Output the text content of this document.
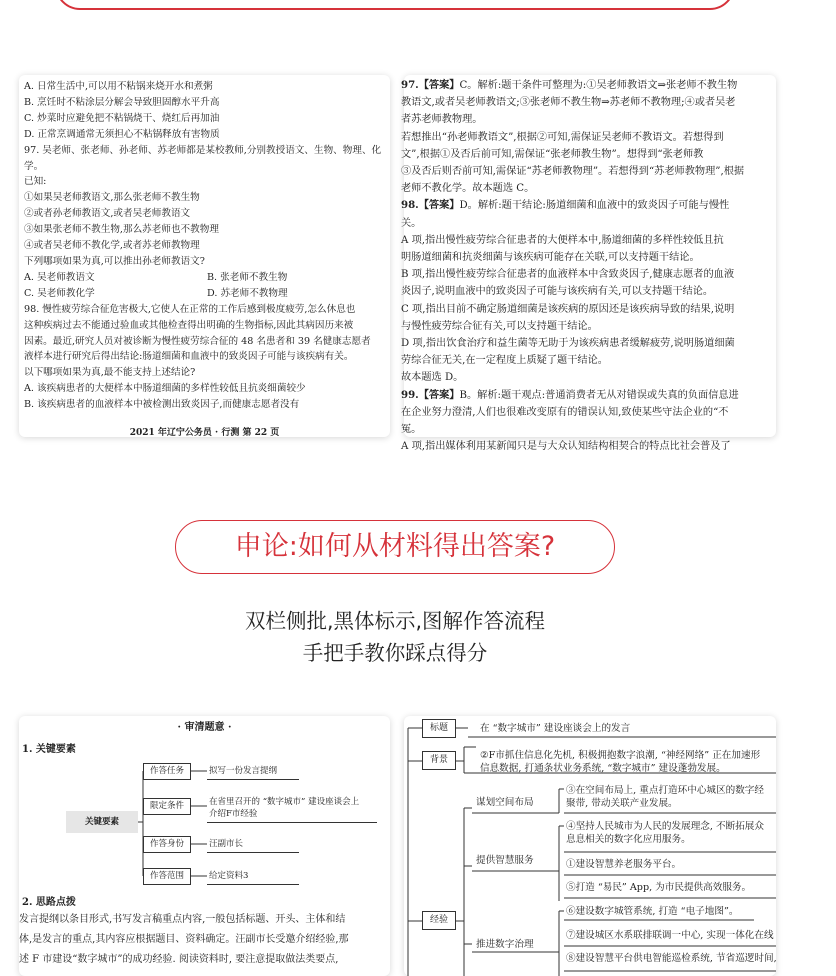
A. 日常生活中,可以用不粘锅来烧开水和煮粥

B. 烹饪时不粘涂层分解会导致胆固醇水平升高

C. 炒菜时应避免把不粘锅烧干、烧红后再加油

D. 正常烹调通常无须担心不粘锅释放有害物质

97. 吴老师、张老师、孙老师、苏老师都是某校教师,分别教授语文、生物、物理、化

学。

已知:

①如果吴老师教语文,那么张老师不教生物

②或者孙老师教语文,或者吴老师教语文

③如果张老师不教生物,那么苏老师也不教物理

④或者吴老师不教化学,或者苏老师教物理

下列哪项如果为真,可以推出孙老师教语文?

A. 吴老师教语文	B. 张老师不教生物
C. 吴老师教化学	D. 苏老师不教物理

98. 慢性疲劳综合征危害极大,它使人在正常的工作后感到极度疲劳,怎么休息也

这种疾病过去不能通过验血或其他检查得出明确的生物指标,因此其病因历来被

因素。最近,研究人员对被诊断为慢性疲劳综合征的 48 名患者和 39 名健康志愿者

液样本进行研究后得出结论:肠道细菌和血液中的致炎因子可能与该疾病有关。

以下哪项如果为真,最不能支持上述结论?

A. 该疾病患者的大便样本中肠道细菌的多样性较低且抗炎细菌较少

B. 该疾病患者的血液样本中被检测出致炎因子,而健康志愿者没有

2021 年辽宁公务员 · 行测 第 22 页

97.【答案】C。解析:题干条件可整理为:①吴老师教语文⇒张老师不教生物

教语文,或者吴老师教语文;③张老师不教生物⇒苏老师不教物理;④或者吴老

者苏老师教物理。

若想推出“孙老师教语文”,根据②可知,需保证吴老师不教语文。若想得到

文”,根据①及否后前可知,需保证“张老师教生物”。想得到“张老师教

③及否后则否前可知,需保证“苏老师教物理”。若想得到“苏老师教物理”,根据

老师不教化学。故本题选 C。

98.【答案】D。解析:题干结论:肠道细菌和血液中的致炎因子可能与慢性

关。

A 项,指出慢性疲劳综合征患者的大便样本中,肠道细菌的多样性较低且抗

明肠道细菌和抗炎细菌与该疾病可能存在关联,可以支持题干结论。

B 项,指出慢性疲劳综合征患者的血液样本中含致炎因子,健康志愿者的血液

炎因子,说明血液中的致炎因子可能与该疾病有关,可以支持题干结论。

C 项,指出目前不确定肠道细菌是该疾病的原因还是该疾病导致的结果,说明

与慢性疲劳综合征有关,可以支持题干结论。

D 项,指出饮食治疗和益生菌等无助于为该疾病患者缓解疲劳,说明肠道细菌

劳综合征无关,在一定程度上质疑了题干结论。

故本题选 D。

99.【答案】B。解析:题干观点:普通消费者无从对错误或失真的负面信息进

在企业努力澄清,人们也很难改变原有的错误认知,致使某些守法企业的“不

冤。

A 项,指出媒体利用某新闻只是与大众认知结构相契合的特点比社会普及了

申论:如何从材料得出答案?
双栏侧批,黑体标示,图解作答流程
手把手教你踩点得分
· 审清题意 ·
1. 关键要素
关键要素
作答任务	拟写一份发言提纲
限定条件	在省里召开的 “数字城市” 建设座谈会上
介绍F市经验
作答身份	汪副市长
作答范围	给定资料3
2. 思路点拨

发言提纲以条目形式,书写发言稿重点内容,一般包括标题、开头、主体和结

体,是发言的重点,其内容应根据题目、资料确定。汪副市长受邀介绍经验,那

述 F 市建设“数字城市”的成功经验. 阅读资料时, 要注意提取做法类要点,

标题	在 “数字城市” 建设座谈会上的发言
背景	②F市抓住信息化先机, 积极拥抱数字浪潮, “神经网络” 正在加速形
信息数据, 打通条状业务系统, “数字城市” 建设蓬勃发展。
经验
谋划空间布局
③在空间布局上, 重点打造环中心城区的数字经
聚带, 带动关联产业发展。
提供智慧服务
④坚持人民城市为人民的发展理念, 不断拓展众
息息相关的数字化应用服务。
①建设智慧养老服务平台。
⑤打造 “易民” App, 为市民提供高效服务。
推进数字治理
⑥建设数字城管系统, 打造 “电子地图”。
⑦建设城区水系联排联调一中心, 实现一体化在线
⑧建设智慧平台供电智能巡检系统, 节省巡逻时间,
